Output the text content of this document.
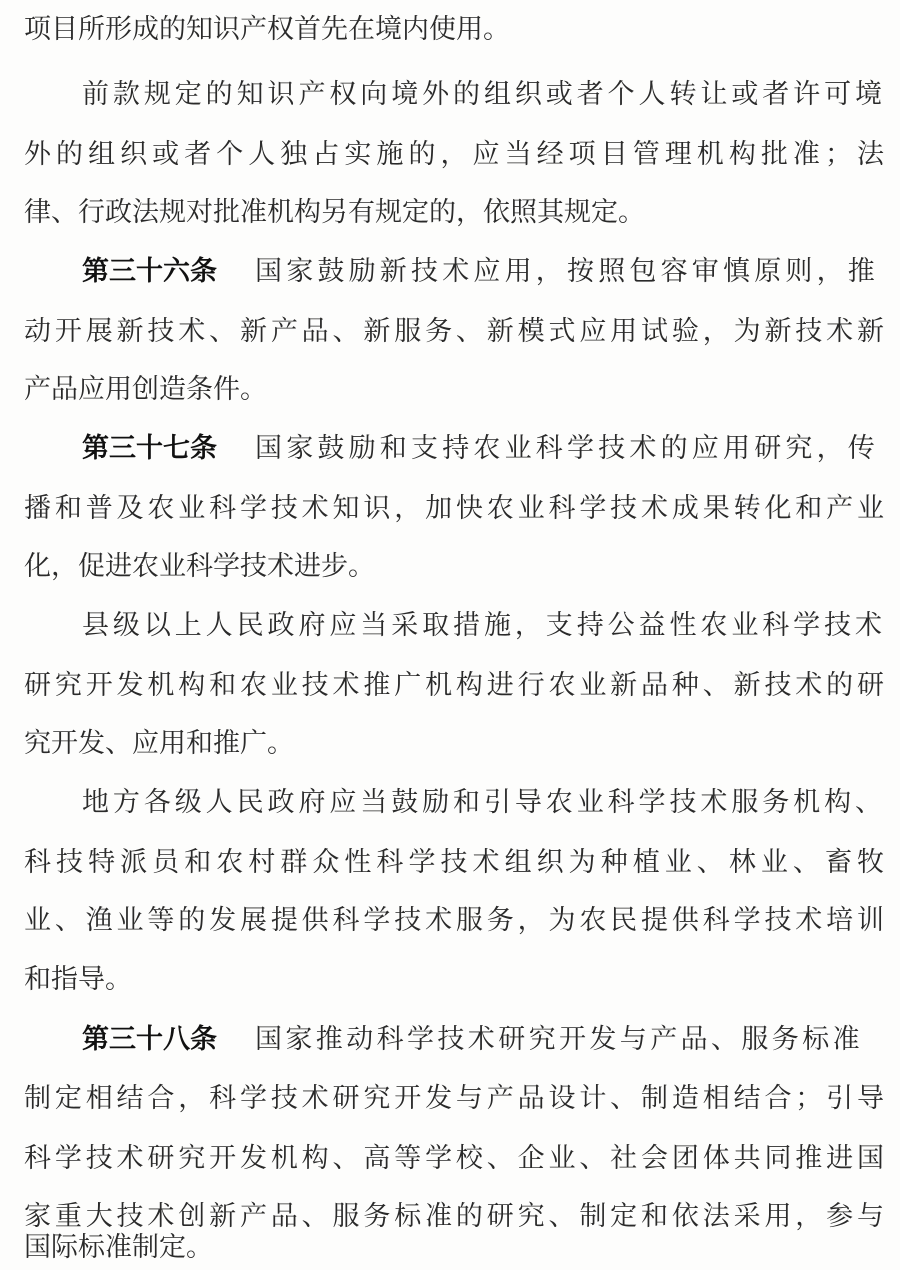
项目所形成的知识产权首先在境内使用。
前款规定的知识产权向境外的组织或者个人转让或者许可境
外的组织或者个人独占实施的，应当经项目管理机构批准；法
律、行政法规对批准机构另有规定的，依照其规定。
第三十六条 国家鼓励新技术应用，按照包容审慎原则，推
动开展新技术、新产品、新服务、新模式应用试验，为新技术新
产品应用创造条件。
第三十七条 国家鼓励和支持农业科学技术的应用研究，传
播和普及农业科学技术知识，加快农业科学技术成果转化和产业
化，促进农业科学技术进步。
县级以上人民政府应当采取措施，支持公益性农业科学技术
研究开发机构和农业技术推广机构进行农业新品种、新技术的研
究开发、应用和推广。
地方各级人民政府应当鼓励和引导农业科学技术服务机构、
科技特派员和农村群众性科学技术组织为种植业、林业、畜牧
业、渔业等的发展提供科学技术服务，为农民提供科学技术培训
和指导。
第三十八条 国家推动科学技术研究开发与产品、服务标准
制定相结合，科学技术研究开发与产品设计、制造相结合；引导
科学技术研究开发机构、高等学校、企业、社会团体共同推进国
家重大技术创新产品、服务标准的研究、制定和依法采用，参与
国际标准制定。
